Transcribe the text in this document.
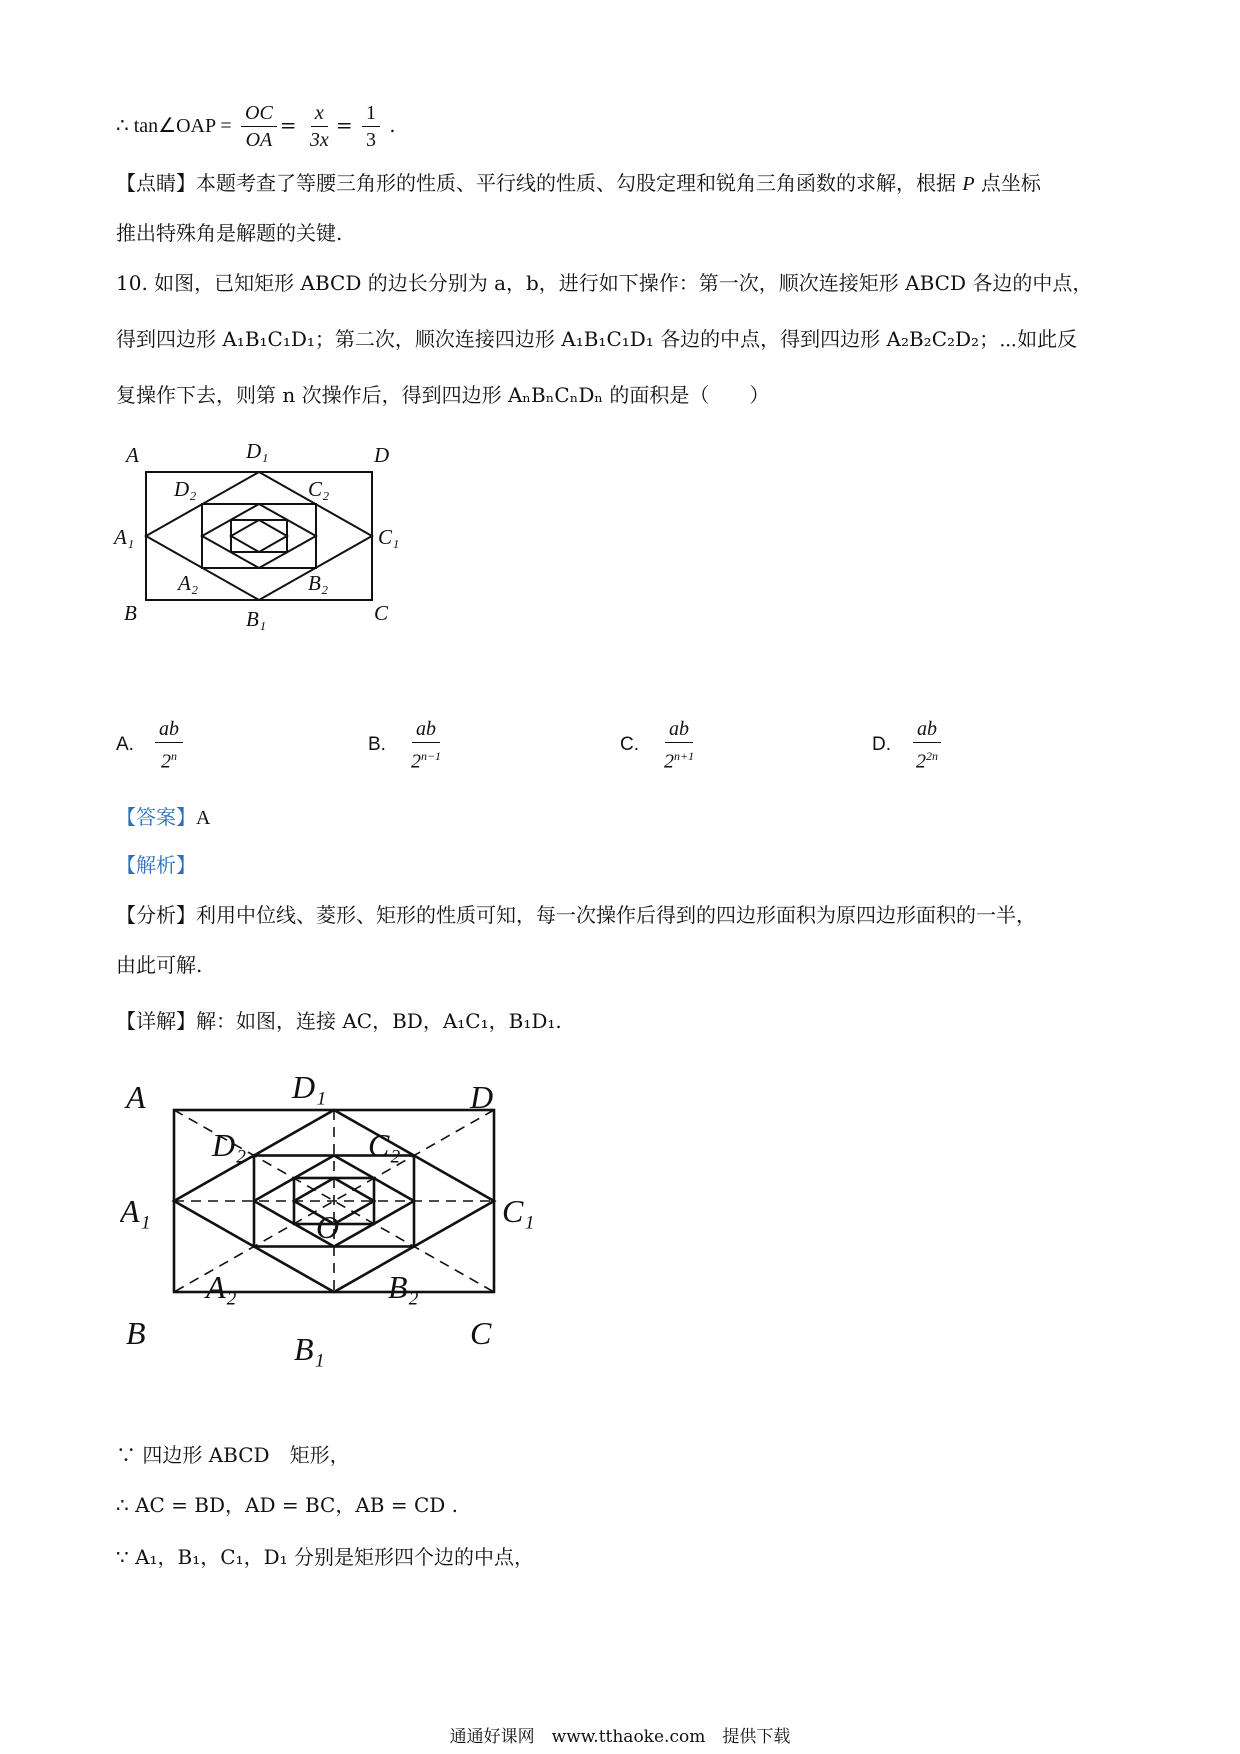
∴ tan∠OAP = $\frac{OC}{OA} = \frac{x}{3x} = \frac{1}{3}$ .
【点睛】本题考查了等腰三角形的性质、平行线的性质、勾股定理和锐角三角函数的求解，根据 P 点坐标
推出特殊角是解题的关键.
10. 如图，已知矩形 ABCD 的边长分别为 a，b，进行如下操作：第一次，顺次连接矩形 ABCD 各边的中点，
得到四边形 A₁B₁C₁D₁；第二次，顺次连接四边形 A₁B₁C₁D₁ 各边的中点，得到四边形 A₂B₂C₂D₂；⋯如此反
复操作下去，则第 n 次操作后，得到四边形 AₙBₙCₙDₙ 的面积是（　　）
A	D₁	D
D₂	C₂
A₁	C₁
A₂	B₂
B	B₁	C
A. $\frac{ab}{2^n}$	B. $\frac{ab}{2^{n-1}}$	C. $\frac{ab}{2^{n+1}}$	D. $\frac{ab}{2^{2n}}$
【答案】A
【解析】
【分析】利用中位线、菱形、矩形的性质可知，每一次操作后得到的四边形面积为原四边形面积的一半，
由此可解.
【详解】解：如图，连接 AC，BD，A₁C₁，B₁D₁.
A	D₁	D
D₂	C₂
A₁	C₁
O
A₂	B₂
B	B₁	C
∵ 四边形 ABCD　矩形，
∴ AC = BD，AD = BC，AB = CD .
∵ A₁，B₁，C₁，D₁ 分别是矩形四个边的中点，
通通好课网　www.tthaoke.com　提供下载
